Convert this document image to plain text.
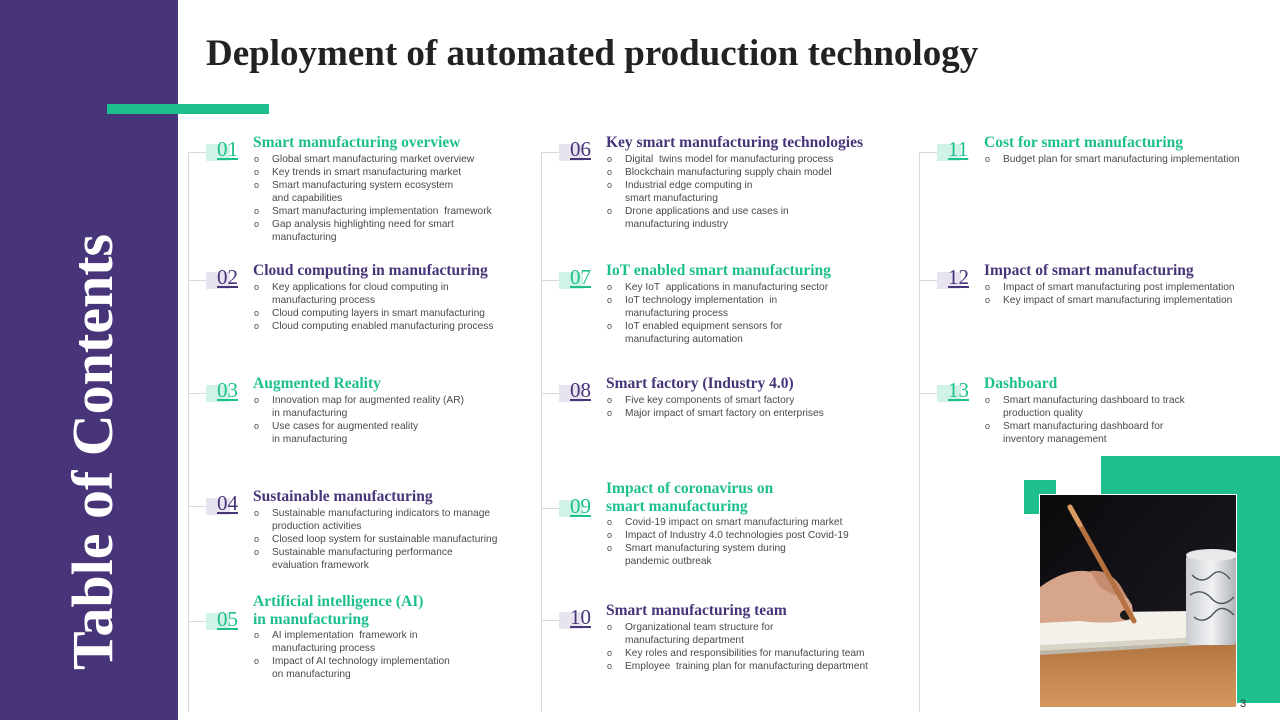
Table of Contents
Deployment of automated production technology
01 Smart manufacturing overview
o Global smart manufacturing market overview
o Key trends in smart manufacturing market
o Smart manufacturing system ecosystem
and capabilities
o Smart manufacturing implementation  framework
o Gap analysis highlighting need for smart
manufacturing
02 Cloud computing in manufacturing
o Key applications for cloud computing in
manufacturing process
o Cloud computing layers in smart manufacturing
o Cloud computing enabled manufacturing process
03 Augmented Reality
o Innovation map for augmented reality (AR)
in manufacturing
o Use cases for augmented reality
in manufacturing
04 Sustainable manufacturing
o Sustainable manufacturing indicators to manage
production activities
o Closed loop system for sustainable manufacturing
o Sustainable manufacturing performance
evaluation framework
05
Artificial intelligence (AI)
in manufacturing
o AI implementation  framework in
manufacturing process
o Impact of AI technology implementation
on manufacturing
06 Key smart manufacturing technologies
o Digital  twins model for manufacturing process
o Blockchain manufacturing supply chain model
o Industrial edge computing in
smart manufacturing
o Drone applications and use cases in
manufacturing industry
07 IoT enabled smart manufacturing
o Key IoT  applications in manufacturing sector
o IoT technology implementation  in
manufacturing process
o IoT enabled equipment sensors for
manufacturing automation
08 Smart factory (Industry 4.0)
o Five key components of smart factory
o Major impact of smart factory on enterprises
09
Impact of coronavirus on
smart manufacturing
o Covid-19 impact on smart manufacturing market
o Impact of Industry 4.0 technologies post Covid-19
o Smart manufacturing system during
pandemic outbreak
10 Smart manufacturing team
o Organizational team structure for
manufacturing department
o Key roles and responsibilities for manufacturing team
o Employee  training plan for manufacturing department
11 Cost for smart manufacturing
o Budget plan for smart manufacturing implementation
12 Impact of smart manufacturing
o Impact of smart manufacturing post implementation
o Key impact of smart manufacturing implementation
13 Dashboard
o Smart manufacturing dashboard to track
production quality
o Smart manufacturing dashboard for
inventory management
3
